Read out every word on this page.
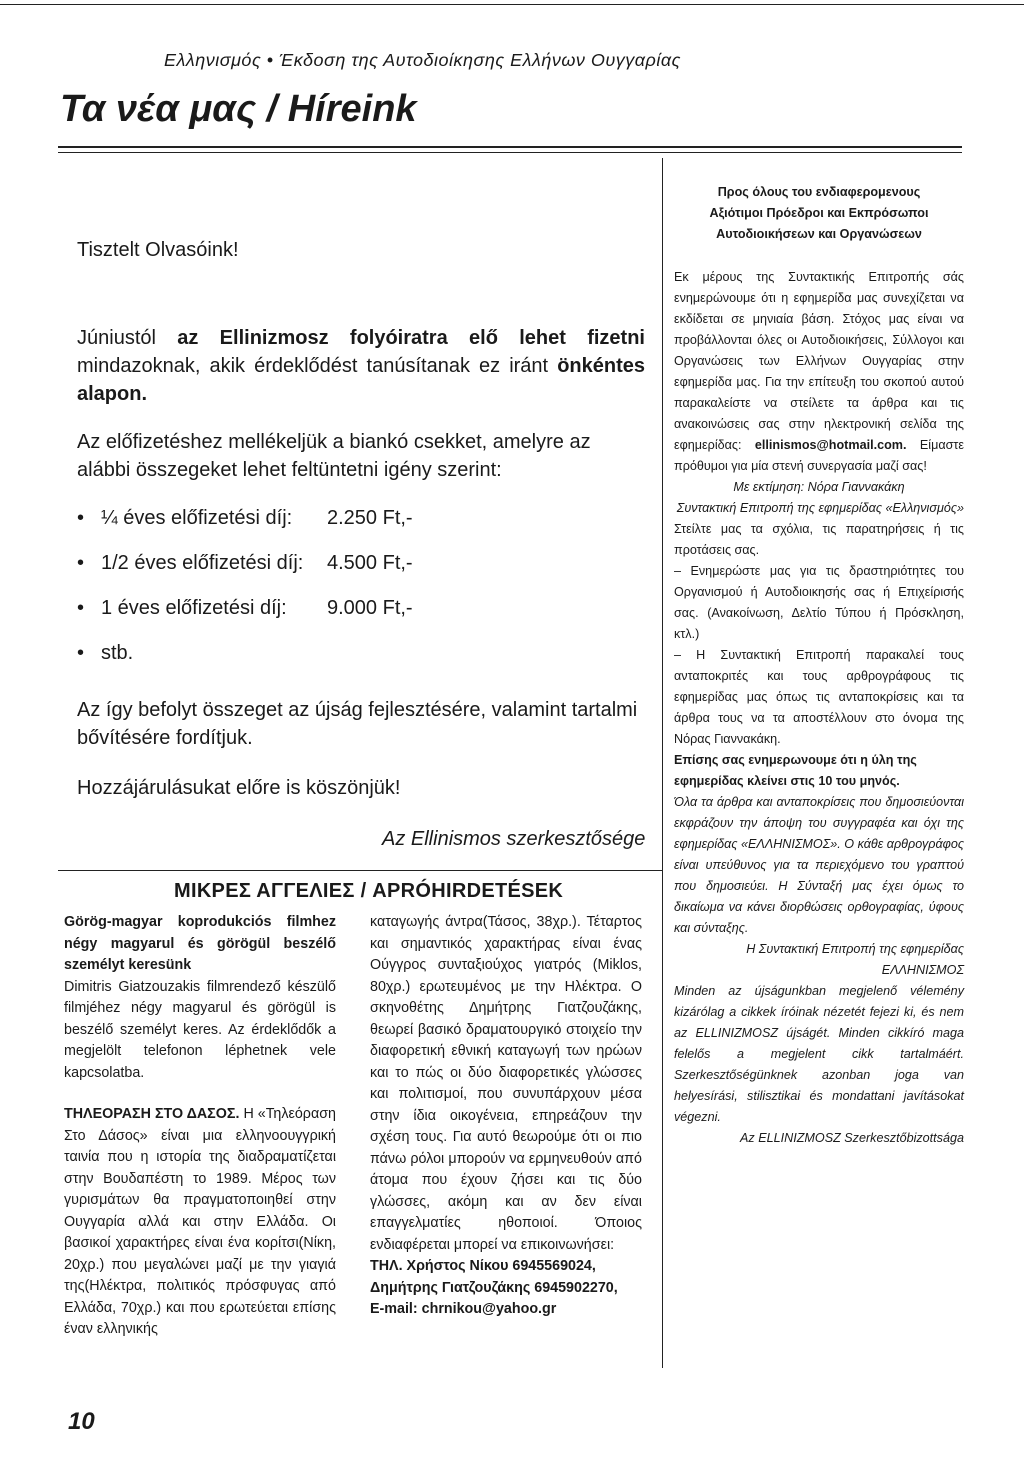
Ελληνισμός • Έκδοση της Αυτοδιοίκησης Ελλήνων Ουγγαρίας
Τα νέα μας / Híreink

Tisztelt Olvasóink!

Júniustól az Ellinizmosz folyóiratra elő lehet fizetni mindazoknak, akik érdeklődést tanúsítanak ez iránt önkéntes alapon.

Az előfizetéshez mellékeljük a biankó csekket, amelyre az alábbi összegeket lehet feltüntetni igény szerint:

• ¼ éves előfizetési díj: 2.250 Ft,-
• 1/2 éves előfizetési díj: 4.500 Ft,-
• 1 éves előfizetési díj: 9.000 Ft,-
• stb.

Az így befolyt összeget az újság fejlesztésére, valamint tartalmi bővítésére fordítjuk.

Hozzájárulásukat előre is köszönjük!

Az Ellinismos szerkesztősége
ΜΙΚΡΕΣ ΑΓΓΕΛΙΕΣ / APRÓHIRDETÉSEK

Görög-magyar koprodukciós filmhez négy magyarul és görögül beszélő személyt keresünk

Dimitris Giatzouzakis filmrendező készülő filmjéhez négy magyarul és görögül is beszélő személyt keres. Az érdeklődők a megjelölt telefonon léphetnek vele kapcsolatba.

ΤΗΛΕΟΡΑΣΗ ΣΤΟ ΔΑΣΟΣ. Η «Τηλεόραση Στο Δάσος» είναι μια ελληνοουγγρική ταινία που η ιστορία της διαδραματίζεται στην Βουδαπέστη το 1989. Μέρος των γυρισμάτων θα πραγματοποιηθεί στην Ουγγαρία αλλά και στην Ελλάδα. Οι βασικοί χαρακτήρες είναι ένα κορίτσι(Νίκη, 20χρ.) που μεγαλώνει μαζί με την γιαγιά της(Ηλέκτρα, πολιτικός πρόσφυγας από Ελλάδα, 70χρ.) και που ερωτεύεται επίσης έναν ελληνικής

καταγωγής άντρα(Τάσος, 38χρ.). Τέταρτος και σημαντικός χαρακτήρας είναι ένας Ούγγρος συνταξιούχος γιατρός (Miklos, 80χρ.) ερωτευμένος με την Ηλέκτρα. Ο σκηνοθέτης Δημήτρης Γιατζουζάκης, θεωρεί βασικό δραματουργικό στοιχείο την διαφορετική εθνική καταγωγή των ηρώων και το πώς οι δύο διαφορετικές γλώσσες και πολιτισμοί, που συνυπάρχουν μέσα στην ίδια οικογένεια, επηρεάζουν την σχέση τους. Για αυτό θεωρούμε ότι οι πιο πάνω ρόλοι μπορούν να ερμηνευθούν από άτομα που έχουν ζήσει και τις δύο γλώσσες, ακόμη και αν δεν είναι επαγγελματίες ηθοποιοί. Όποιος ενδιαφέρεται μπορεί να επικοινωνήσει:

ΤΗΛ. Χρήστος Νίκου 6945569024,

Δημήτρης Γιατζουζάκης 6945902270,

E-mail: chrnikou@yahoo.gr

Προς όλους του ενδιαφερομενους

Αξιότιμοι Πρόεδροι και Εκπρόσωποι

Αυτοδιοικήσεων και Οργανώσεων

Εκ μέρους της Συντακτικής Επιτροπής σάς ενημερώνουμε ότι η εφημερίδα μας συνεχίζεται να εκδίδεται σε μηνιαία βάση. Στόχος μας είναι να προβάλλονται όλες οι Αυτοδιοικήσεις, Σύλλογοι και Οργανώσεις των Ελλήνων Ουγγαρίας στην εφημερίδα μας. Για την επίτευξη του σκοπού αυτού παρακαλείστε να στείλετε τα άρθρα και τις ανακοινώσεις σας στην ηλεκτρονική σελίδα της εφημερίδας: ellinismos@hotmail.com. Είμαστε πρόθυμοι για μία στενή συνεργασία μαζί σας!

Με εκτίμηση: Νόρα Γιαννακάκη

Συντακτική Επιτροπή της εφημερίδας «Ελληνισμός»

Στείλτε μας τα σχόλια, τις παρατηρήσεις ή τις προτάσεις σας.

– Ενημερώστε μας για τις δραστηριότητες του Οργανισμού ή Αυτοδιοικησής σας ή Επιχείρισής σας. (Ανακοίνωση, Δελτίο Τύπου ή Πρόσκληση, κτλ.)

– Η Συντακτική Επιτροπή παρακαλεί τους ανταποκριτές και τους αρθρογράφους τις εφημερίδας μας όπως τις ανταποκρίσεις και τα άρθρα τους να τα αποστέλλουν στο όνομα της Νόρας Γιαννακάκη.

Επίσης σας ενημερωνουμε ότι η ύλη της εφημερίδας κλείνει στις 10 του μηνός.

Όλα τα άρθρα και ανταποκρίσεις που δημοσιεύονται εκφράζουν την άποψη του συγγραφέα και όχι της εφημερίδας «ΕΛΛΗΝΙΣΜΟΣ». Ο κάθε αρθρογράφος είναι υπεύθυνος για τα περιεχόμενο του γραπτού που δημοσιεύει. Η Σύνταξή μας έχει όμως το δικαίωμα να κάνει διορθώσεις ορθογραφίας, ύφους και σύνταξης.

Η Συντακτική Επιτροπή της εφημερίδας ΕΛΛΗΝΙΣΜΟΣ

Minden az újságunkban megjelenő vélemény kizárólag a cikkek íróinak nézetét fejezi ki, és nem az ELLINIZMOSZ újságét. Minden cikkíró maga felelős a megjelent cikk tartalmáért. Szerkesztőségünknek azonban joga van helyesírási, stilisztikai és mondattani javításokat végezni.

Az ELLINIZMOSZ Szerkesztőbizottsága

10
